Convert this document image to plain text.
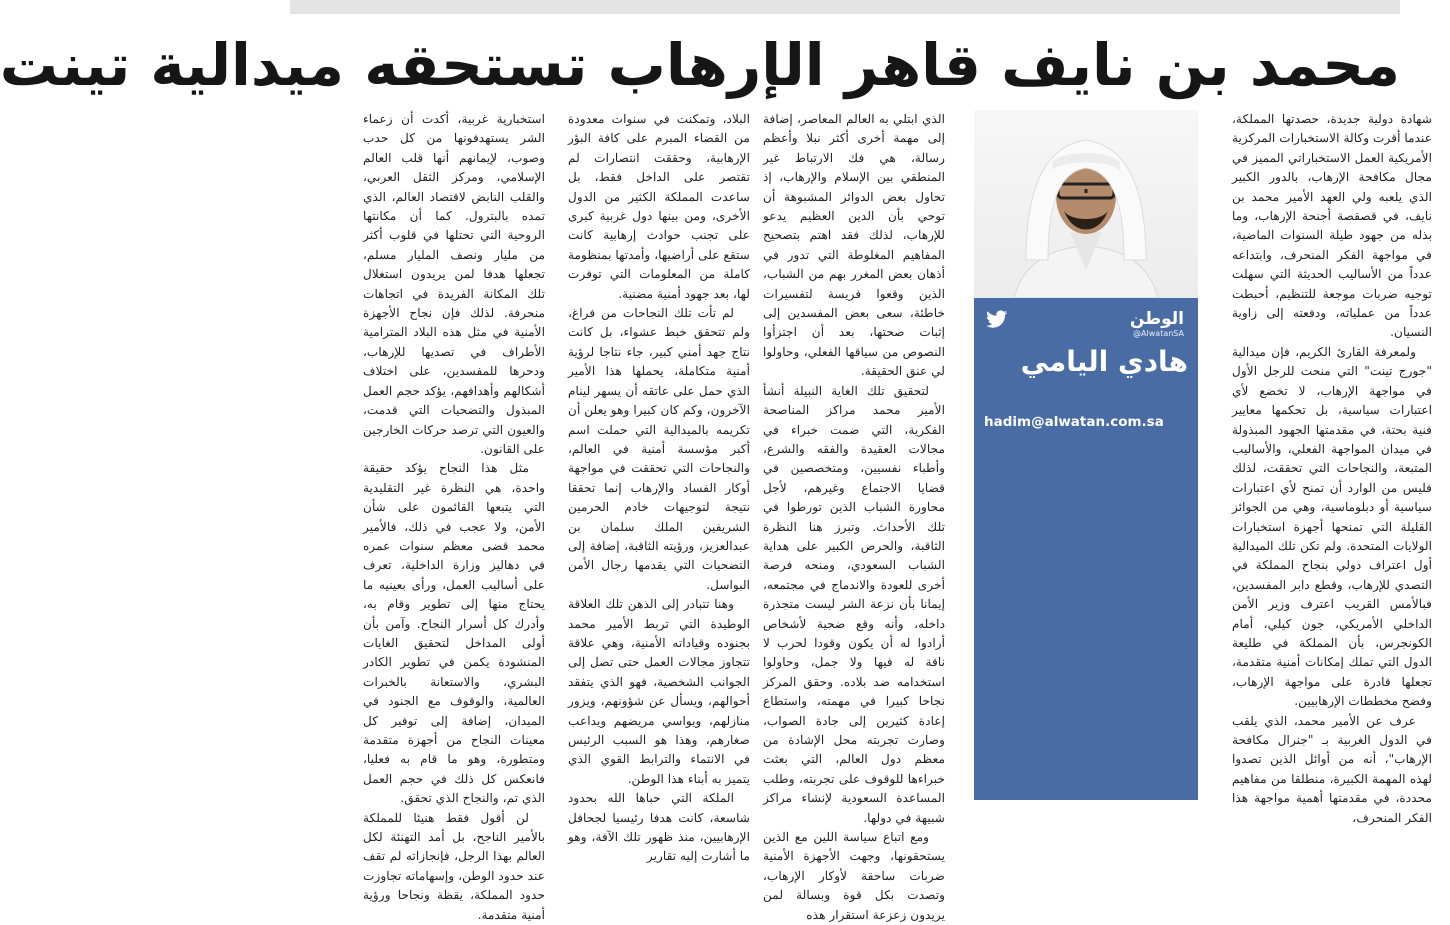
محمد بن نايف قاهر الإرهاب تستحقه ميدالية تينت

شهادة دولية جديدة، حصدتها المملكة، عندما أقرت وكالة الاستخبارات المركزية الأمريكية العمل الاستخباراتي المميز في مجال مكافحة الإرهاب، بالدور الكبير الذي يلعبه ولي العهد الأمير محمد بن نايف، في قصقصة أجنحة الإرهاب، وما بذله من جهود طيلة السنوات الماضية، في مواجهة الفكر المنحرف، وابتداعه عدداً من الأساليب الحديثة التي سهلت توجيه ضربات موجعة للتنظيم، أحبطت عدداً من عملياته، ودفعته إلى زاوية النسيان.

ولمعرفة القارئ الكريم، فإن ميدالية "جورج تينت" التي منحت للرجل الأول في مواجهة الإرهاب، لا تخضع لأي اعتبارات سياسية، بل تحكمها معايير فنية بحتة، في مقدمتها الجهود المبذولة في ميدان المواجهة الفعلي، والأساليب المتبعة، والنجاحات التي تحققت، لذلك فليس من الوارد أن تمنح لأي اعتبارات سياسية أو دبلوماسية، وهي من الجوائز القليلة التي تمنحها أجهزة استخبارات الولايات المتحدة. ولم تكن تلك الميدالية أول اعتراف دولي بنجاح المملكة في التصدي للإرهاب، وقطع دابر المفسدين، فبالأمس القريب اعترف وزير الأمن الداخلي الأمريكي، جون كيلي، أمام الكونجرس، بأن المملكة في طليعة الدول التي تملك إمكانات أمنية متقدمة، تجعلها قادرة على مواجهة الإرهاب، وفضح مخططات الإرهابيين.

عرف عن الأمير محمد، الذي يلقب في الدول الغربية بـ "جنرال مكافحة الإرهاب"، أنه من أوائل الذين تصدوا لهذه المهمة الكبيرة، منطلقا من مفاهيم محددة، في مقدمتها أهمية مواجهة هذا الفكر المنحرف،

الوطن
@AlwatanSA
هادي اليامي
hadim@alwatan.com.sa

الذي ابتلي به العالم المعاصر، إضافة إلى مهمة أخرى أكثر نبلا وأعظم رسالة، هي فك الارتباط غير المنطقي بين الإسلام والإرهاب، إذ تحاول بعض الدوائر المشبوهة أن توحي بأن الدين العظيم يدعو للإرهاب، لذلك فقد اهتم بتصحيح المفاهيم المغلوطة التي تدور في أذهان بعض المغرر بهم من الشباب، الذين وقعوا فريسة لتفسيرات خاطئة، سعى بعض المفسدين إلى إثبات صحتها، بعد أن اجتزأوا النصوص من سياقها الفعلي، وحاولوا لي عنق الحقيقة.

لتحقيق تلك الغاية النبيلة أنشأ الأمير محمد مراكز المناصحة الفكرية، التي ضمت خبراء في مجالات العقيدة والفقه والشرع، وأطباء نفسيين، ومتخصصين في قضايا الاجتماع وغيرهم، لأجل محاورة الشباب الذين تورطوا في تلك الأحداث. وتبرز هنا النظرة الثاقبة، والحرص الكبير على هداية الشباب السعودي، ومنحه فرصة أخرى للعودة والاندماج في مجتمعه، إيمانا بأن نزعة الشر ليست متجذرة داخله، وأنه وقع ضحية لأشخاص أرادوا له أن يكون وقودا لحرب لا ناقة له فيها ولا جمل، وحاولوا استخدامه ضد بلاده. وحقق المركز نجاحا كبيرا في مهمته، واستطاع إعادة كثيرين إلى جادة الصواب، وصارت تجربته محل الإشادة من معظم دول العالم، التي بعثت خبراءها للوقوف على تجربته، وطلب المساعدة السعودية لإنشاء مراكز شبيهة في دولها.

ومع اتباع سياسة اللين مع الذين يستحقونها، وجهت الأجهزة الأمنية ضربات ساحقة لأوكار الإرهاب، وتصدت بكل قوة وبسالة لمن يريدون زعزعة استقرار هذه

البلاد، وتمكنت في سنوات معدودة من القضاء المبرم على كافة البؤر الإرهابية، وحققت انتصارات لم تقتصر على الداخل فقط، بل ساعدت المملكة الكثير من الدول الأخرى، ومن بينها دول غربية كبرى على تجنب حوادث إرهابية كانت ستقع على أراضيها، وأمدتها بمنظومة كاملة من المعلومات التي توفرت لها، بعد جهود أمنية مضنية.

لم تأت تلك النجاحات من فراغ، ولم تتحقق خبط عشواء، بل كانت نتاج جهد أمني كبير، جاء نتاجا لرؤية أمنية متكاملة، يحملها هذا الأمير الذي حمل على عاتقه أن يسهر لينام الآخرون، وكم كان كبيرا وهو يعلن أن تكريمه بالميدالية التي حملت اسم أكبر مؤسسة أمنية في العالم، والنجاحات التي تحققت في مواجهة أوكار الفساد والإرهاب إنما تحققا نتيجة لتوجيهات خادم الحرمين الشريفين الملك سلمان بن عبدالعزيز، ورؤيته الثاقبة، إضافة إلى التضحيات التي يقدمها رجال الأمن البواسل.

وهنا تتبادر إلى الذهن تلك العلاقة الوطيدة التي تربط الأمير محمد بجنوده وقياداته الأمنية، وهي علاقة تتجاوز مجالات العمل حتى تصل إلى الجوانب الشخصية، فهو الذي يتفقد أحوالهم، ويسأل عن شؤونهم، ويزور منازلهم، ويواسي مريضهم ويداعب صغارهم، وهذا هو السبب الرئيس في الانتماء والترابط القوي الذي يتميز به أبناء هذا الوطن.

الملكة التي حباها الله بحدود شاسعة، كانت هدفا رئيسيا لجحافل الإرهابيين، منذ ظهور تلك الآفة، وهو ما أشارت إليه تقارير

استخبارية غربية، أكدت أن زعماء الشر يستهدفونها من كل حدب وصوب، لإيمانهم أنها قلب العالم الإسلامي، ومركز الثقل العربي، والقلب النابض لاقتصاد العالم، الذي تمده بالبترول. كما أن مكانتها الروحية التي تحتلها في قلوب أكثر من مليار ونصف المليار مسلم، تجعلها هدفا لمن يريدون استغلال تلك المكانة الفريدة في اتجاهات منحرفة. لذلك فإن نجاح الأجهزة الأمنية في مثل هذه البلاد المترامية الأطراف في تصديها للإرهاب، ودحرها للمفسدين، على اختلاف أشكالهم وأهدافهم، يؤكد حجم العمل المبذول والتضحيات التي قدمت، والعيون التي ترصد حركات الخارجين على القانون.

مثل هذا النجاح يؤكد حقيقة واحدة، هي النظرة غير التقليدية التي يتبعها القائمون على شأن الأمن، ولا عجب في ذلك، فالأمير محمد قضى معظم سنوات عمره في دهاليز وزارة الداخلية، تعرف على أساليب العمل، ورأى بعينيه ما يحتاج منها إلى تطوير وقام به، وأدرك كل أسرار النجاح. وآمن بأن أولى المداخل لتحقيق الغايات المنشودة يكمن في تطوير الكادر البشري، والاستعانة بالخبرات العالمية، والوقوف مع الجنود في الميدان، إضافة إلى توفير كل معينات النجاح من أجهزة متقدمة ومتطورة، وهو ما قام به فعليا، فانعكس كل ذلك في حجم العمل الذي تم، والنجاح الذي تحقق.

لن أقول فقط هنيئا للمملكة بالأمير الناجح، بل أمد التهنئة لكل العالم بهذا الرجل، فإنجازاته لم تقف عند حدود الوطن، وإسهاماته تجاوزت حدود المملكة، يقظة ونجاحا ورؤية أمنية متقدمة.
